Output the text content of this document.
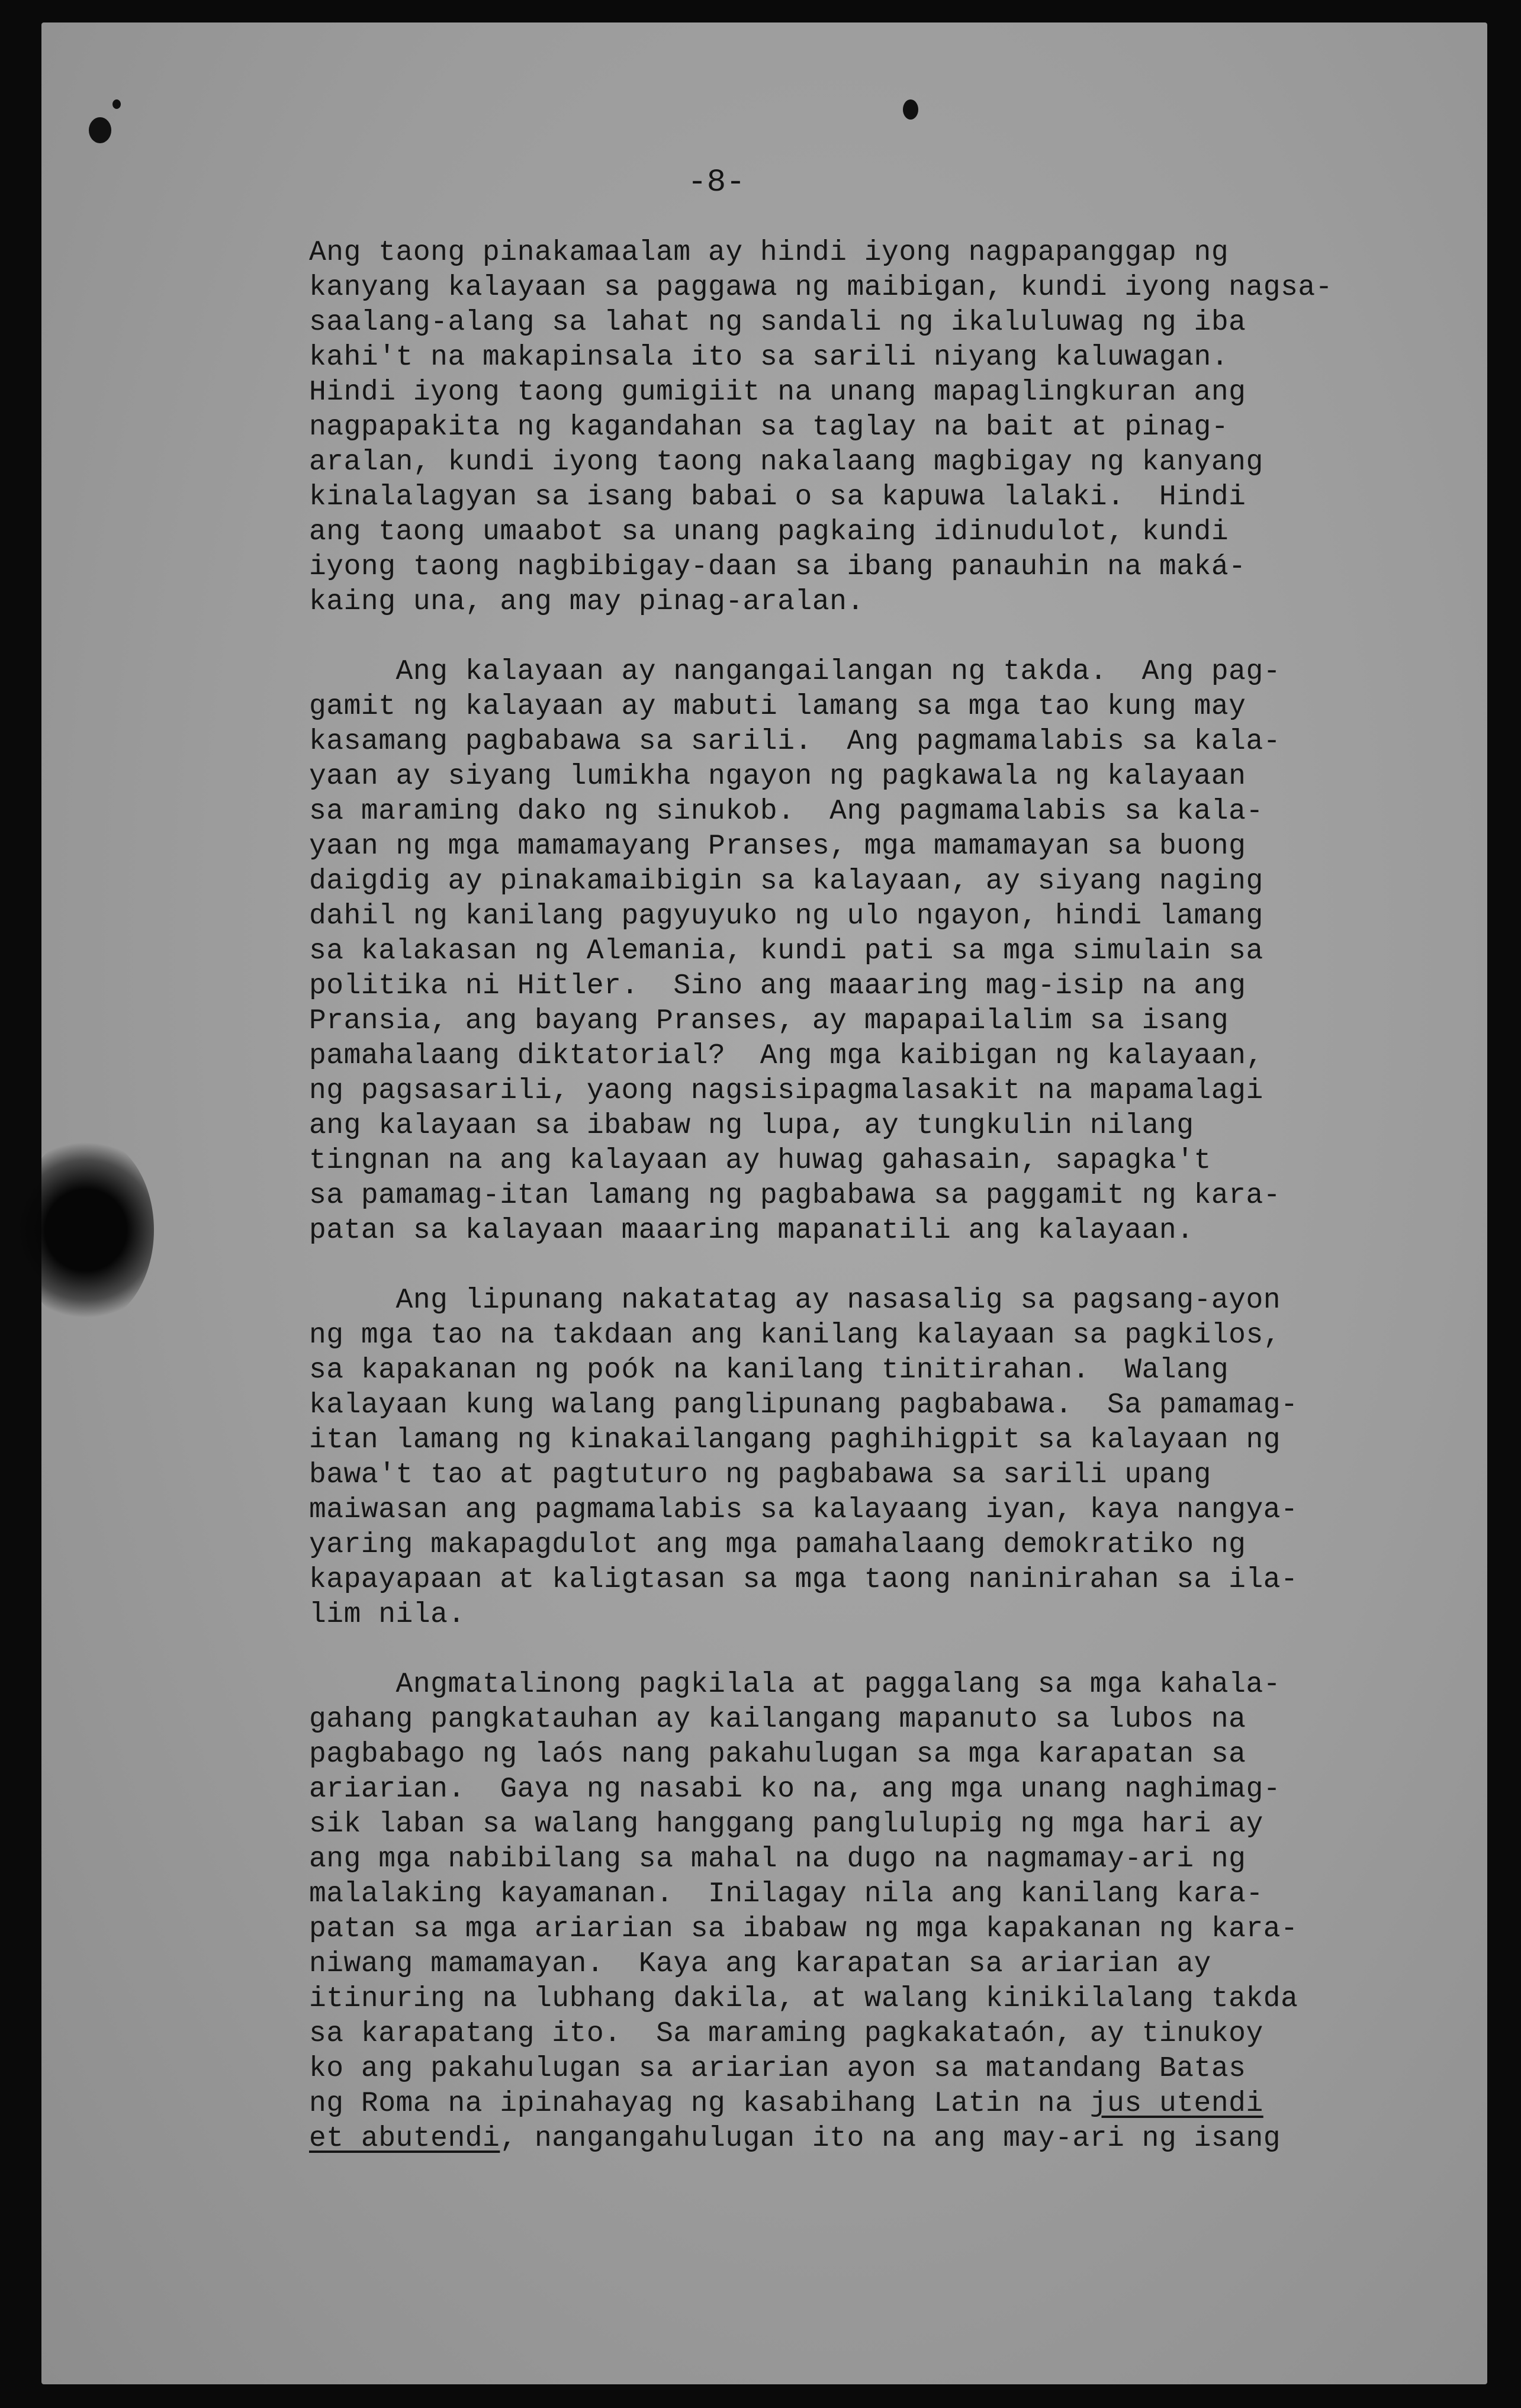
-8-
Ang taong pinakamaalam ay hindi iyong nagpapanggap ng
kanyang kalayaan sa paggawa ng maibigan, kundi iyong nagsa-
saalang-alang sa lahat ng sandali ng ikaluluwag ng iba
kahi't na makapinsala ito sa sarili niyang kaluwagan.
Hindi iyong taong gumigiit na unang mapaglingkuran ang
nagpapakita ng kagandahan sa taglay na bait at pinag-
aralan, kundi iyong taong nakalaang magbigay ng kanyang
kinalalagyan sa isang babai o sa kapuwa lalaki.  Hindi
ang taong umaabot sa unang pagkaing idinudulot, kundi
iyong taong nagbibigay-daan sa ibang panauhin na maká-
kaing una, ang may pinag-aralan.
Ang kalayaan ay nangangailangan ng takda.  Ang pag-
gamit ng kalayaan ay mabuti lamang sa mga tao kung may
kasamang pagbabawa sa sarili.  Ang pagmamalabis sa kala-
yaan ay siyang lumikha ngayon ng pagkawala ng kalayaan
sa maraming dako ng sinukob.  Ang pagmamalabis sa kala-
yaan ng mga mamamayang Pranses, mga mamamayan sa buong
daigdig ay pinakamaibigin sa kalayaan, ay siyang naging
dahil ng kanilang pagyuyuko ng ulo ngayon, hindi lamang
sa kalakasan ng Alemania, kundi pati sa mga simulain sa
politika ni Hitler.  Sino ang maaaring mag-isip na ang
Pransia, ang bayang Pranses, ay mapapailalim sa isang
pamahalaang diktatorial?  Ang mga kaibigan ng kalayaan,
ng pagsasarili, yaong nagsisipagmalasakit na mapamalagi
ang kalayaan sa ibabaw ng lupa, ay tungkulin nilang
tingnan na ang kalayaan ay huwag gahasain, sapagka't
sa pamamag-itan lamang ng pagbabawa sa paggamit ng kara-
patan sa kalayaan maaaring mapanatili ang kalayaan.
Ang lipunang nakatatag ay nasasalig sa pagsang-ayon
ng mga tao na takdaan ang kanilang kalayaan sa pagkilos,
sa kapakanan ng poók na kanilang tinitirahan.  Walang
kalayaan kung walang panglipunang pagbabawa.  Sa pamamag-
itan lamang ng kinakailangang paghihigpit sa kalayaan ng
bawa't tao at pagtuturo ng pagbabawa sa sarili upang
maiwasan ang pagmamalabis sa kalayaang iyan, kaya nangya-
yaring makapagdulot ang mga pamahalaang demokratiko ng
kapayapaan at kaligtasan sa mga taong naninirahan sa ila-
lim nila.
Angmatalinong pagkilala at paggalang sa mga kahala-
gahang pangkatauhan ay kailangang mapanuto sa lubos na
pagbabago ng laós nang pakahulugan sa mga karapatan sa
ariarian.  Gaya ng nasabi ko na, ang mga unang naghimag-
sik laban sa walang hanggang panglulupig ng mga hari ay
ang mga nabibilang sa mahal na dugo na nagmamay-ari ng
malalaking kayamanan.  Inilagay nila ang kanilang kara-
patan sa mga ariarian sa ibabaw ng mga kapakanan ng kara-
niwang mamamayan.  Kaya ang karapatan sa ariarian ay
itinuring na lubhang dakila, at walang kinikilalang takda
sa karapatang ito.  Sa maraming pagkakataón, ay tinukoy
ko ang pakahulugan sa ariarian ayon sa matandang Batas
ng Roma na ipinahayag ng kasabihang Latin na jus utendi
et abutendi, nangangahulugan ito na ang may-ari ng isang
